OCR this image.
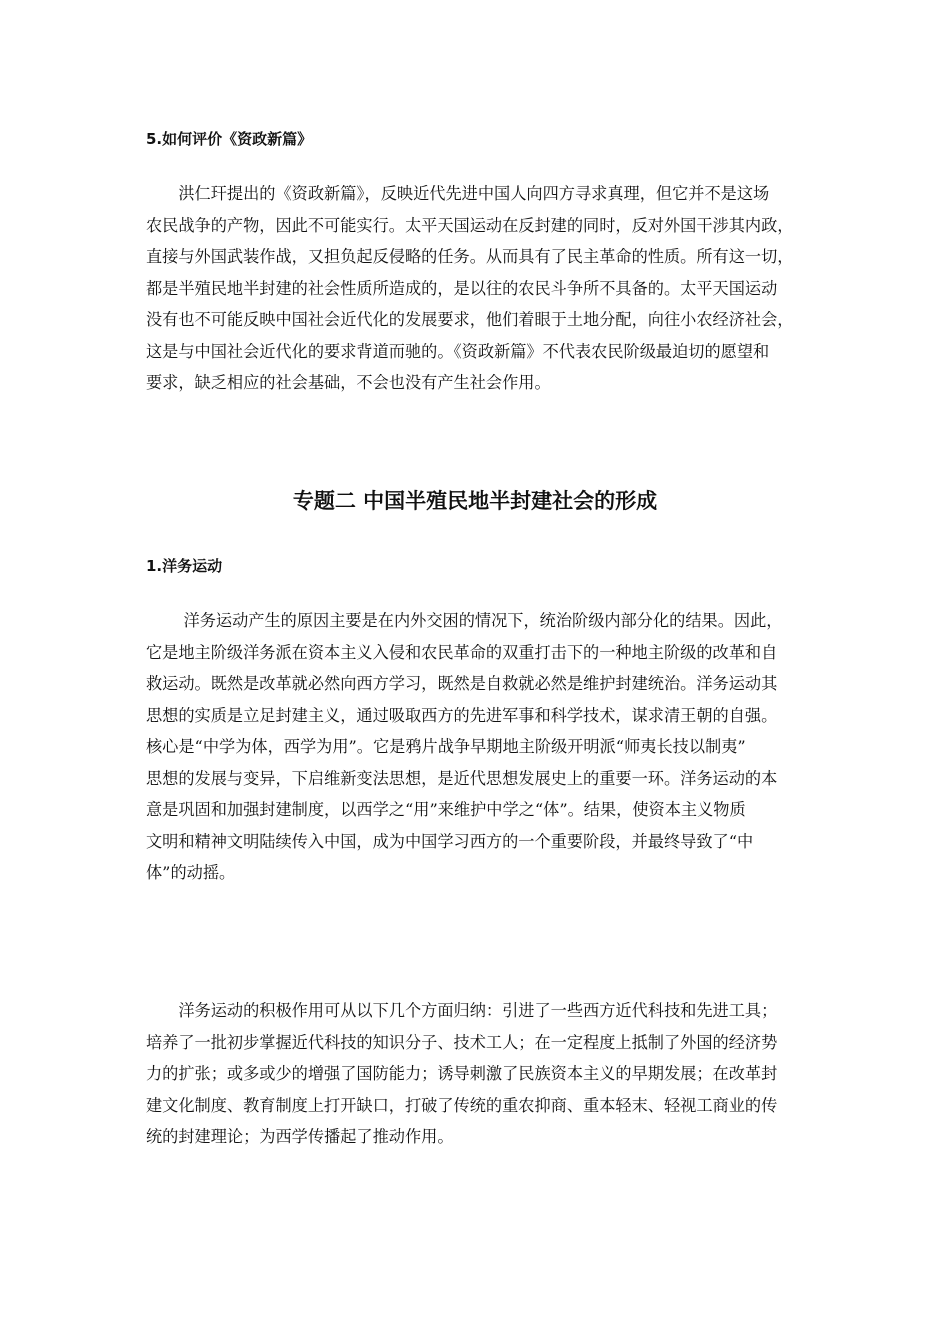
5.如何评价《资政新篇》

　　洪仁玕提出的《资政新篇》，反映近代先进中国人向四方寻求真理，但它并不是这场

农民战争的产物，因此不可能实行。太平天国运动在反封建的同时，反对外国干涉其内政，

直接与外国武装作战，又担负起反侵略的任务。从而具有了民主革命的性质。所有这一切，

都是半殖民地半封建的社会性质所造成的，是以往的农民斗争所不具备的。太平天国运动

没有也不可能反映中国社会近代化的发展要求，他们着眼于土地分配，向往小农经济社会，

这是与中国社会近代化的要求背道而驰的。《资政新篇》不代表农民阶级最迫切的愿望和

要求，缺乏相应的社会基础，不会也没有产生社会作用。

专题二 中国半殖民地半封建社会的形成
1.洋务运动

　　 洋务运动产生的原因主要是在内外交困的情况下，统治阶级内部分化的结果。因此，

它是地主阶级洋务派在资本主义入侵和农民革命的双重打击下的一种地主阶级的改革和自

救运动。既然是改革就必然向西方学习，既然是自救就必然是维护封建统治。洋务运动其

思想的实质是立足封建主义，通过吸取西方的先进军事和科学技术，谋求清王朝的自强。

核心是“中学为体，西学为用”。它是鸦片战争早期地主阶级开明派“师夷长技以制夷”

思想的发展与变异，下启维新变法思想，是近代思想发展史上的重要一环。洋务运动的本

意是巩固和加强封建制度，以西学之“用”来维护中学之“体”。结果，使资本主义物质

文明和精神文明陆续传入中国，成为中国学习西方的一个重要阶段，并最终导致了“中

体”的动摇。

　　洋务运动的积极作用可从以下几个方面归纳：引进了一些西方近代科技和先进工具；

培养了一批初步掌握近代科技的知识分子、技术工人；在一定程度上抵制了外国的经济势

力的扩张；或多或少的增强了国防能力；诱导刺激了民族资本主义的早期发展；在改革封

建文化制度、教育制度上打开缺口，打破了传统的重农抑商、重本轻末、轻视工商业的传

统的封建理论；为西学传播起了推动作用。
